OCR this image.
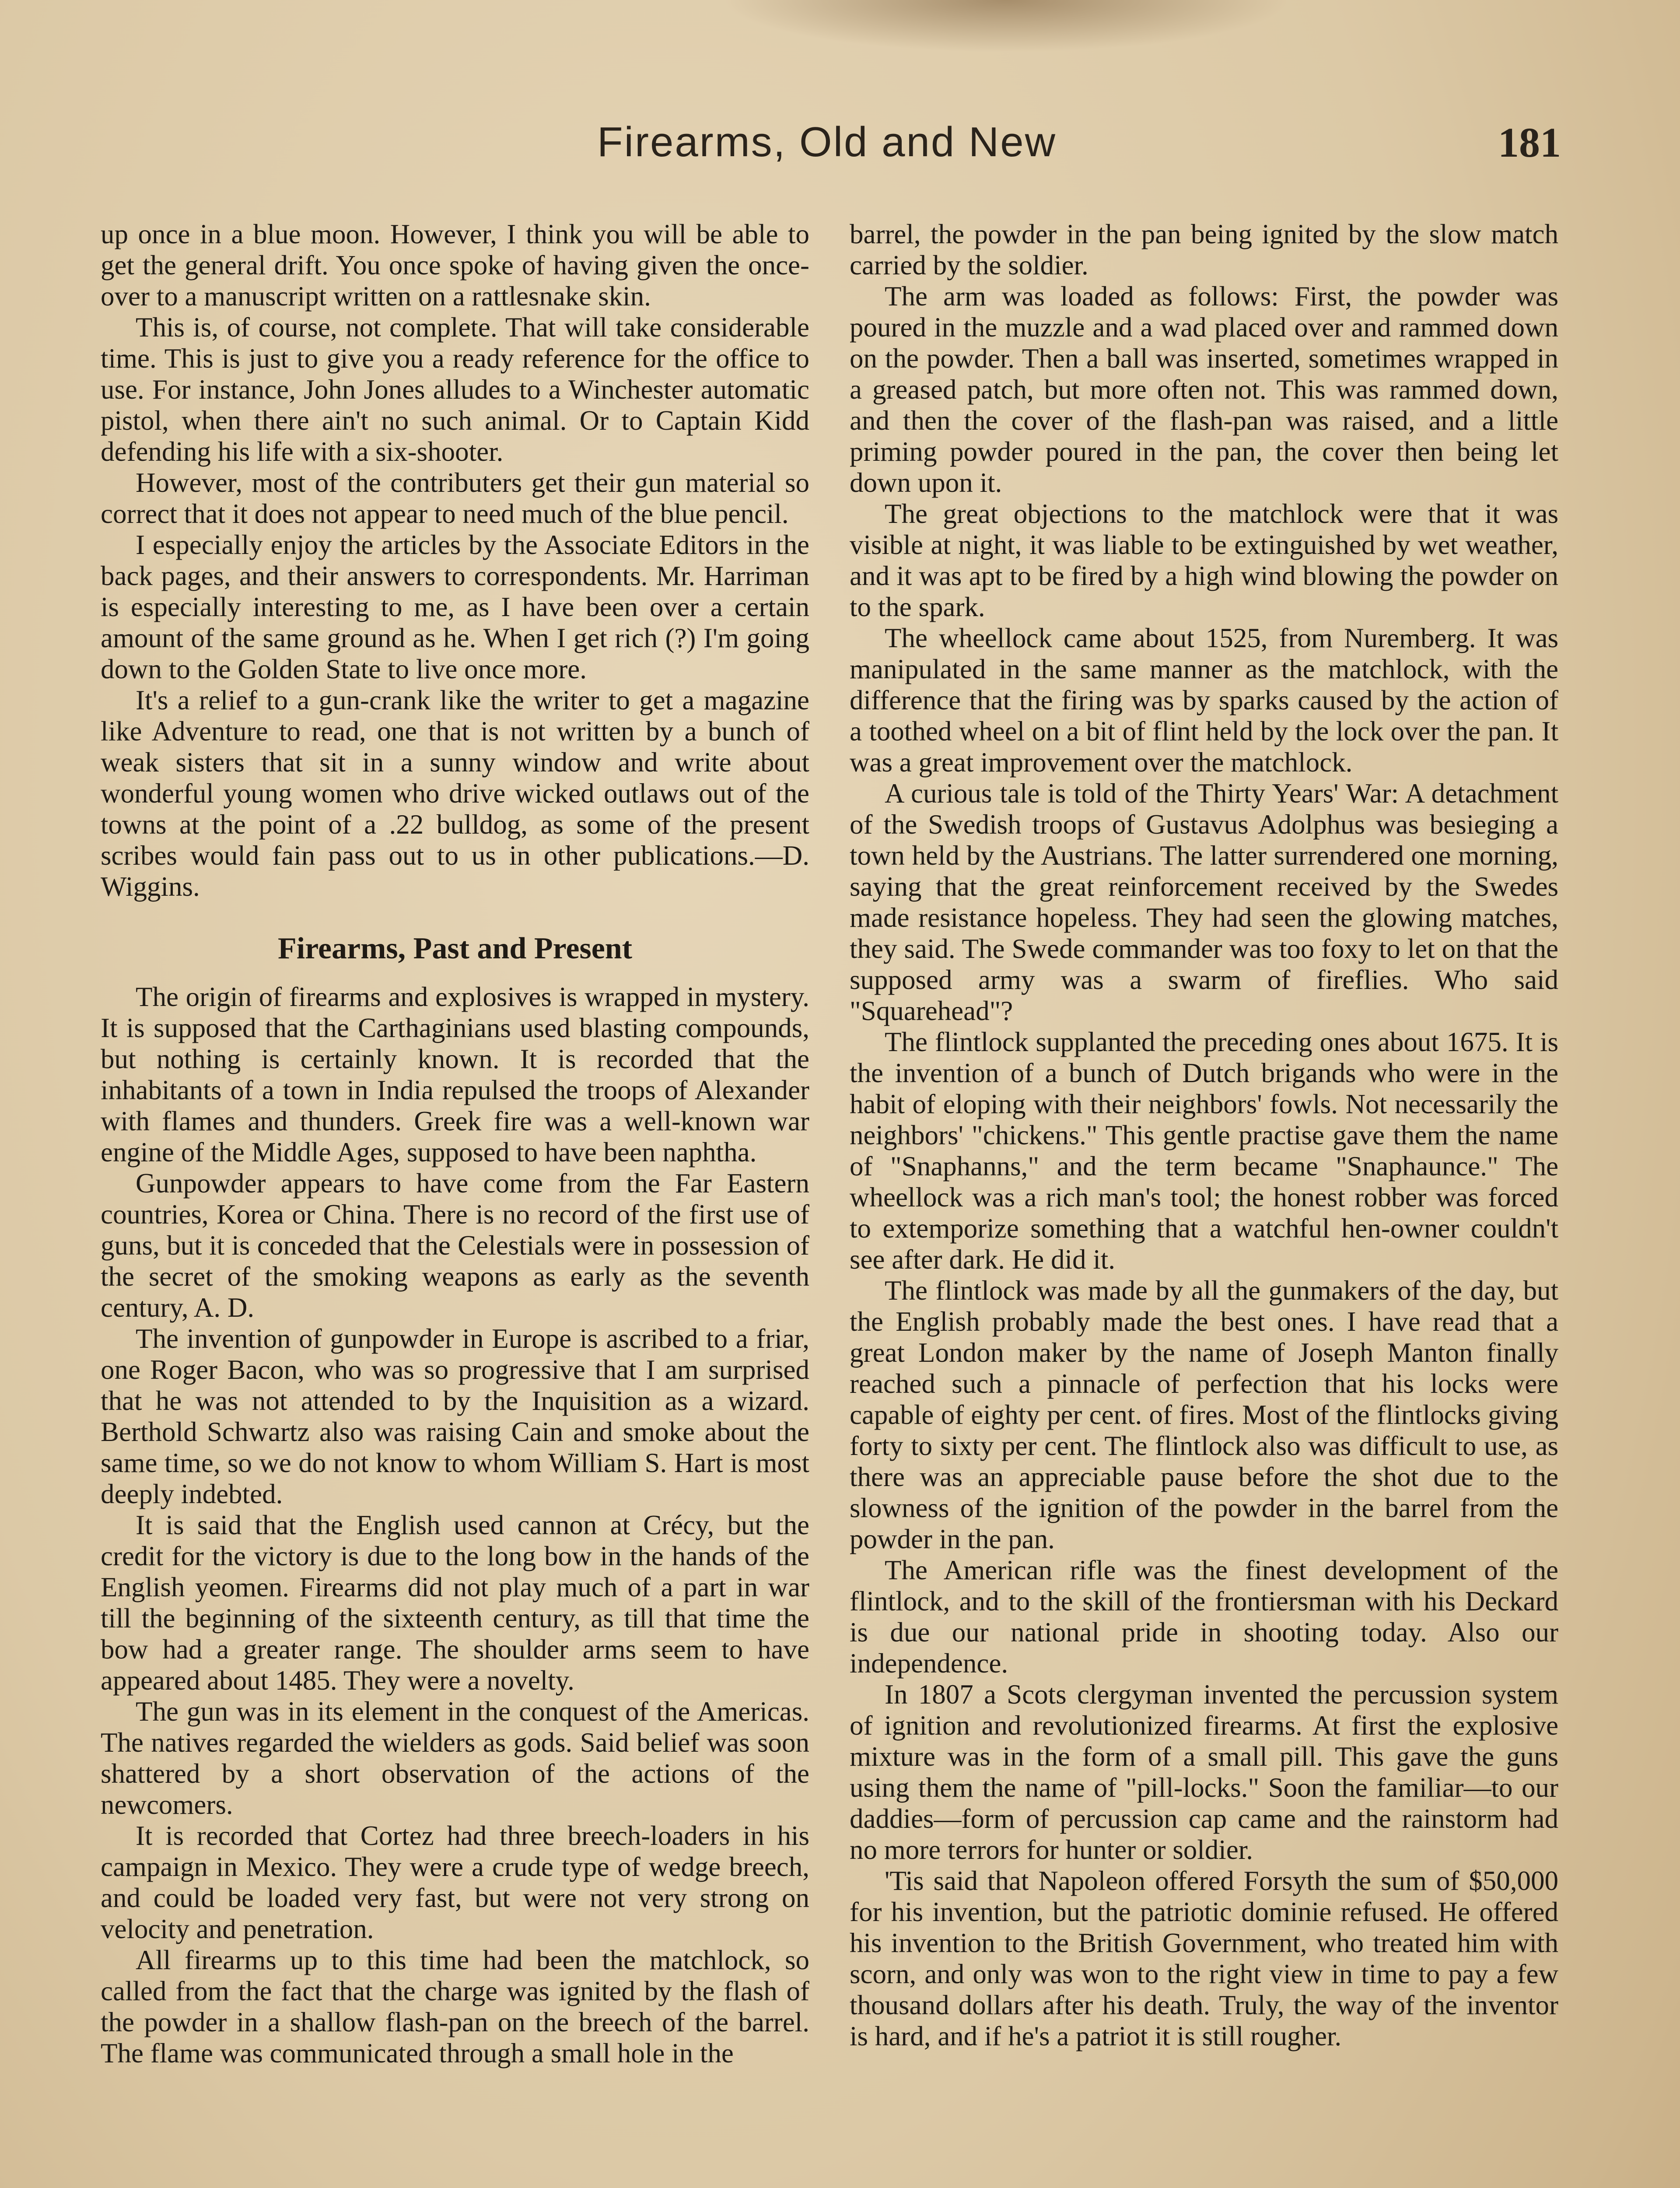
Firearms, Old and New	181

up once in a blue moon. However, I think you will be able to get the general drift. You once spoke of having given the once-over to a manuscript written on a rattlesnake skin.

This is, of course, not complete. That will take considerable time. This is just to give you a ready reference for the office to use. For instance, John Jones alludes to a Winchester automatic pistol, when there ain't no such animal. Or to Captain Kidd defending his life with a six-shooter.

However, most of the contributers get their gun material so correct that it does not appear to need much of the blue pencil.

I especially enjoy the articles by the Associate Editors in the back pages, and their answers to correspondents. Mr. Harriman is especially interesting to me, as I have been over a certain amount of the same ground as he. When I get rich (?) I'm going down to the Golden State to live once more.

It's a relief to a gun-crank like the writer to get a magazine like Adventure to read, one that is not written by a bunch of weak sisters that sit in a sunny window and write about wonderful young women who drive wicked outlaws out of the towns at the point of a .22 bulldog, as some of the present scribes would fain pass out to us in other publications.—D. Wiggins.

Firearms, Past and Present

The origin of firearms and explosives is wrapped in mystery. It is supposed that the Carthaginians used blasting compounds, but nothing is certainly known. It is recorded that the inhabitants of a town in India repulsed the troops of Alexander with flames and thunders. Greek fire was a well-known war engine of the Middle Ages, supposed to have been naphtha.

Gunpowder appears to have come from the Far Eastern countries, Korea or China. There is no record of the first use of guns, but it is conceded that the Celestials were in possession of the secret of the smoking weapons as early as the seventh century, A. D.

The invention of gunpowder in Europe is ascribed to a friar, one Roger Bacon, who was so progressive that I am surprised that he was not attended to by the Inquisition as a wizard. Berthold Schwartz also was raising Cain and smoke about the same time, so we do not know to whom William S. Hart is most deeply indebted.

It is said that the English used cannon at Crécy, but the credit for the victory is due to the long bow in the hands of the English yeomen. Firearms did not play much of a part in war till the beginning of the sixteenth century, as till that time the bow had a greater range. The shoulder arms seem to have appeared about 1485. They were a novelty.

The gun was in its element in the conquest of the Americas. The natives regarded the wielders as gods. Said belief was soon shattered by a short observation of the actions of the newcomers.

It is recorded that Cortez had three breech-loaders in his campaign in Mexico. They were a crude type of wedge breech, and could be loaded very fast, but were not very strong on velocity and penetration.

All firearms up to this time had been the matchlock, so called from the fact that the charge was ignited by the flash of the powder in a shallow flash-pan on the breech of the barrel. The flame was communicated through a small hole in the

barrel, the powder in the pan being ignited by the slow match carried by the soldier.

The arm was loaded as follows: First, the powder was poured in the muzzle and a wad placed over and rammed down on the powder. Then a ball was inserted, sometimes wrapped in a greased patch, but more often not. This was rammed down, and then the cover of the flash-pan was raised, and a little priming powder poured in the pan, the cover then being let down upon it.

The great objections to the matchlock were that it was visible at night, it was liable to be extinguished by wet weather, and it was apt to be fired by a high wind blowing the powder on to the spark.

The wheellock came about 1525, from Nuremberg. It was manipulated in the same manner as the matchlock, with the difference that the firing was by sparks caused by the action of a toothed wheel on a bit of flint held by the lock over the pan. It was a great improvement over the matchlock.

A curious tale is told of the Thirty Years' War: A detachment of the Swedish troops of Gustavus Adolphus was besieging a town held by the Austrians. The latter surrendered one morning, saying that the great reinforcement received by the Swedes made resistance hopeless. They had seen the glowing matches, they said. The Swede commander was too foxy to let on that the supposed army was a swarm of fireflies. Who said "Squarehead"?

The flintlock supplanted the preceding ones about 1675. It is the invention of a bunch of Dutch brigands who were in the habit of eloping with their neighbors' fowls. Not necessarily the neighbors' "chickens." This gentle practise gave them the name of "Snaphanns," and the term became "Snaphaunce." The wheellock was a rich man's tool; the honest robber was forced to extemporize something that a watchful hen-owner couldn't see after dark. He did it.

The flintlock was made by all the gunmakers of the day, but the English probably made the best ones. I have read that a great London maker by the name of Joseph Manton finally reached such a pinnacle of perfection that his locks were capable of eighty per cent. of fires. Most of the flintlocks giving forty to sixty per cent. The flintlock also was difficult to use, as there was an appreciable pause before the shot due to the slowness of the ignition of the powder in the barrel from the powder in the pan.

The American rifle was the finest development of the flintlock, and to the skill of the frontiersman with his Deckard is due our national pride in shooting today. Also our independence.

In 1807 a Scots clergyman invented the percussion system of ignition and revolutionized firearms. At first the explosive mixture was in the form of a small pill. This gave the guns using them the name of "pill-locks." Soon the familiar—to our daddies—form of percussion cap came and the rainstorm had no more terrors for hunter or soldier.

'Tis said that Napoleon offered Forsyth the sum of $50,000 for his invention, but the patriotic dominie refused. He offered his invention to the British Government, who treated him with scorn, and only was won to the right view in time to pay a few thousand dollars after his death. Truly, the way of the inventor is hard, and if he's a patriot it is still rougher.
